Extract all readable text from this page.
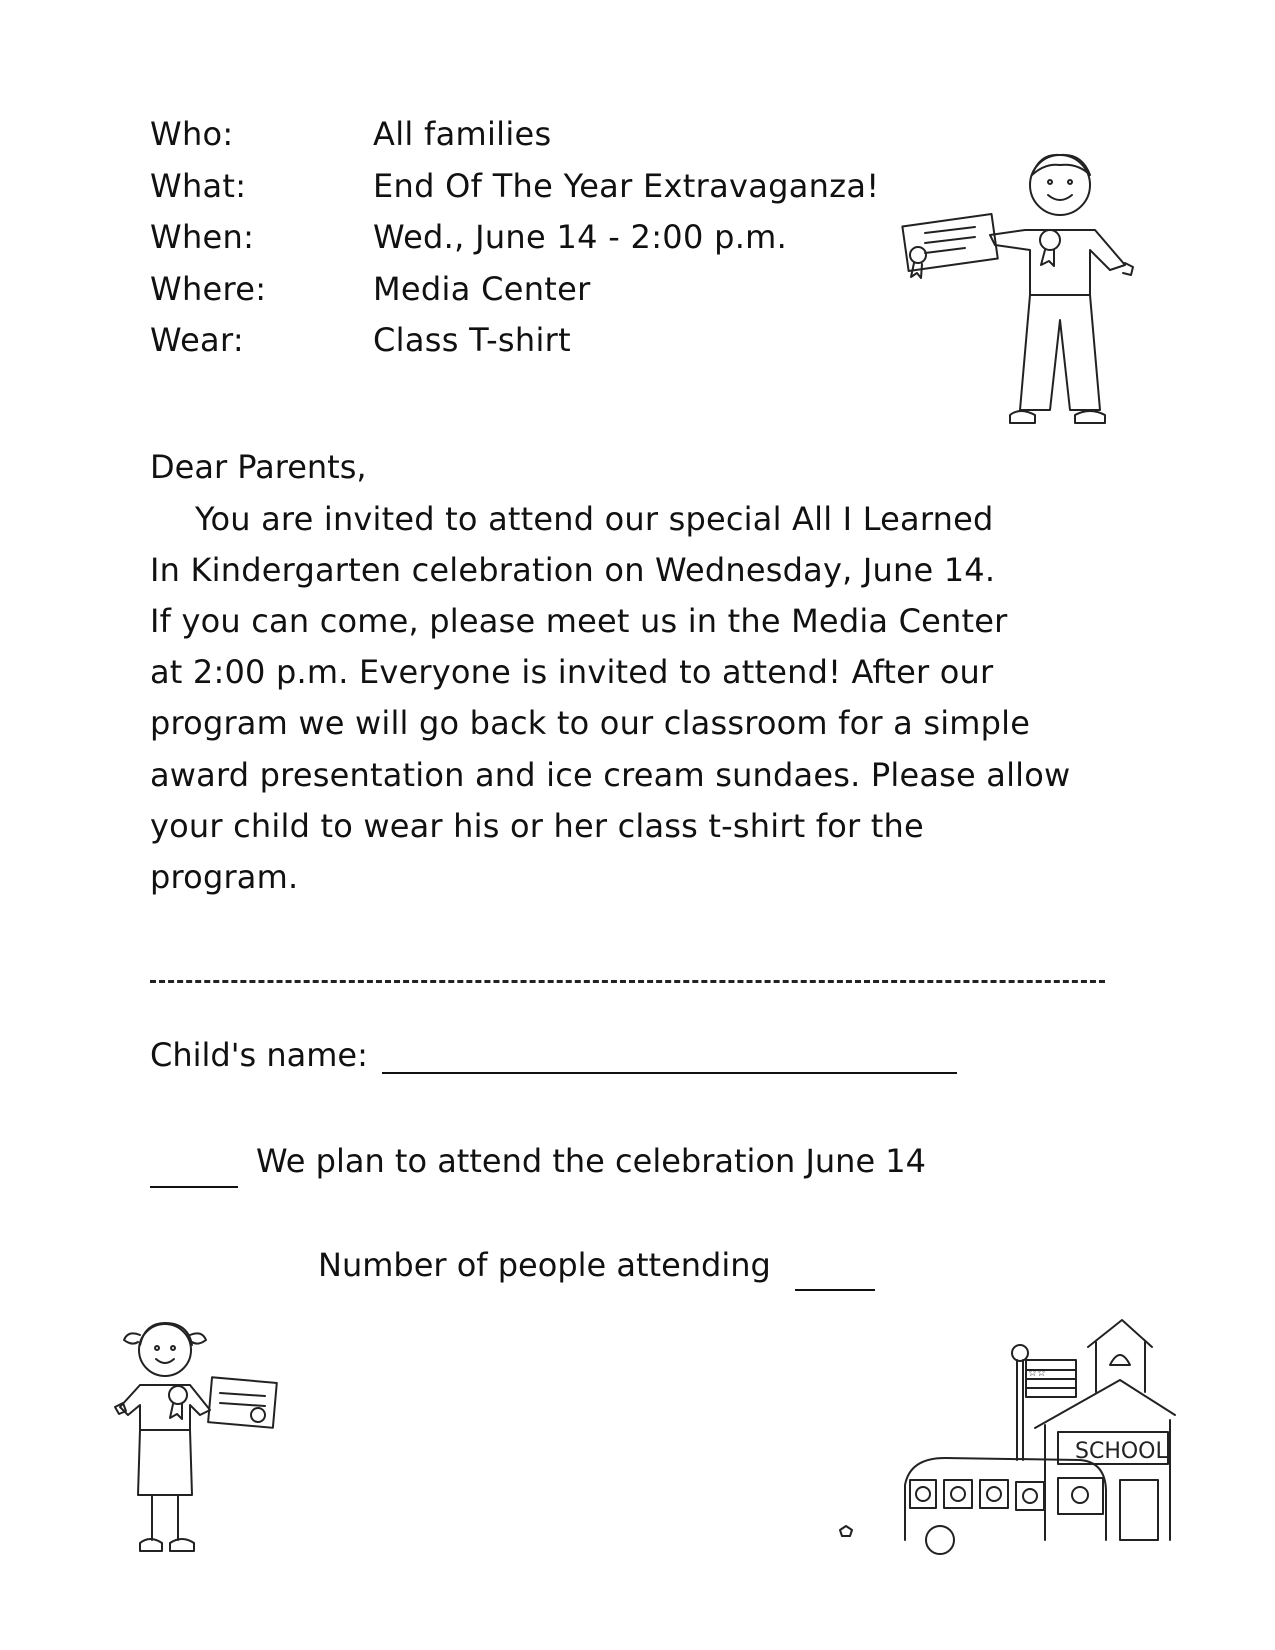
Who:	All families
What:	End Of The Year Extravaganza!
When:	Wed., June 14 - 2:00 p.m.
Where:	Media Center
Wear:	Class T-shirt
Dear Parents,
You are invited to attend our special All I Learned
In Kindergarten celebration on Wednesday, June 14.
If you can come, please meet us in the Media Center
at 2:00 p.m. Everyone is invited to attend! After our
program we will go back to our classroom for a simple
award presentation and ice cream sundaes. Please allow
your child to wear his or her class t-shirt for the
program.
Child's name:
We plan to attend the celebration June 14
Number of people attending
☆☆
SCHOOL
